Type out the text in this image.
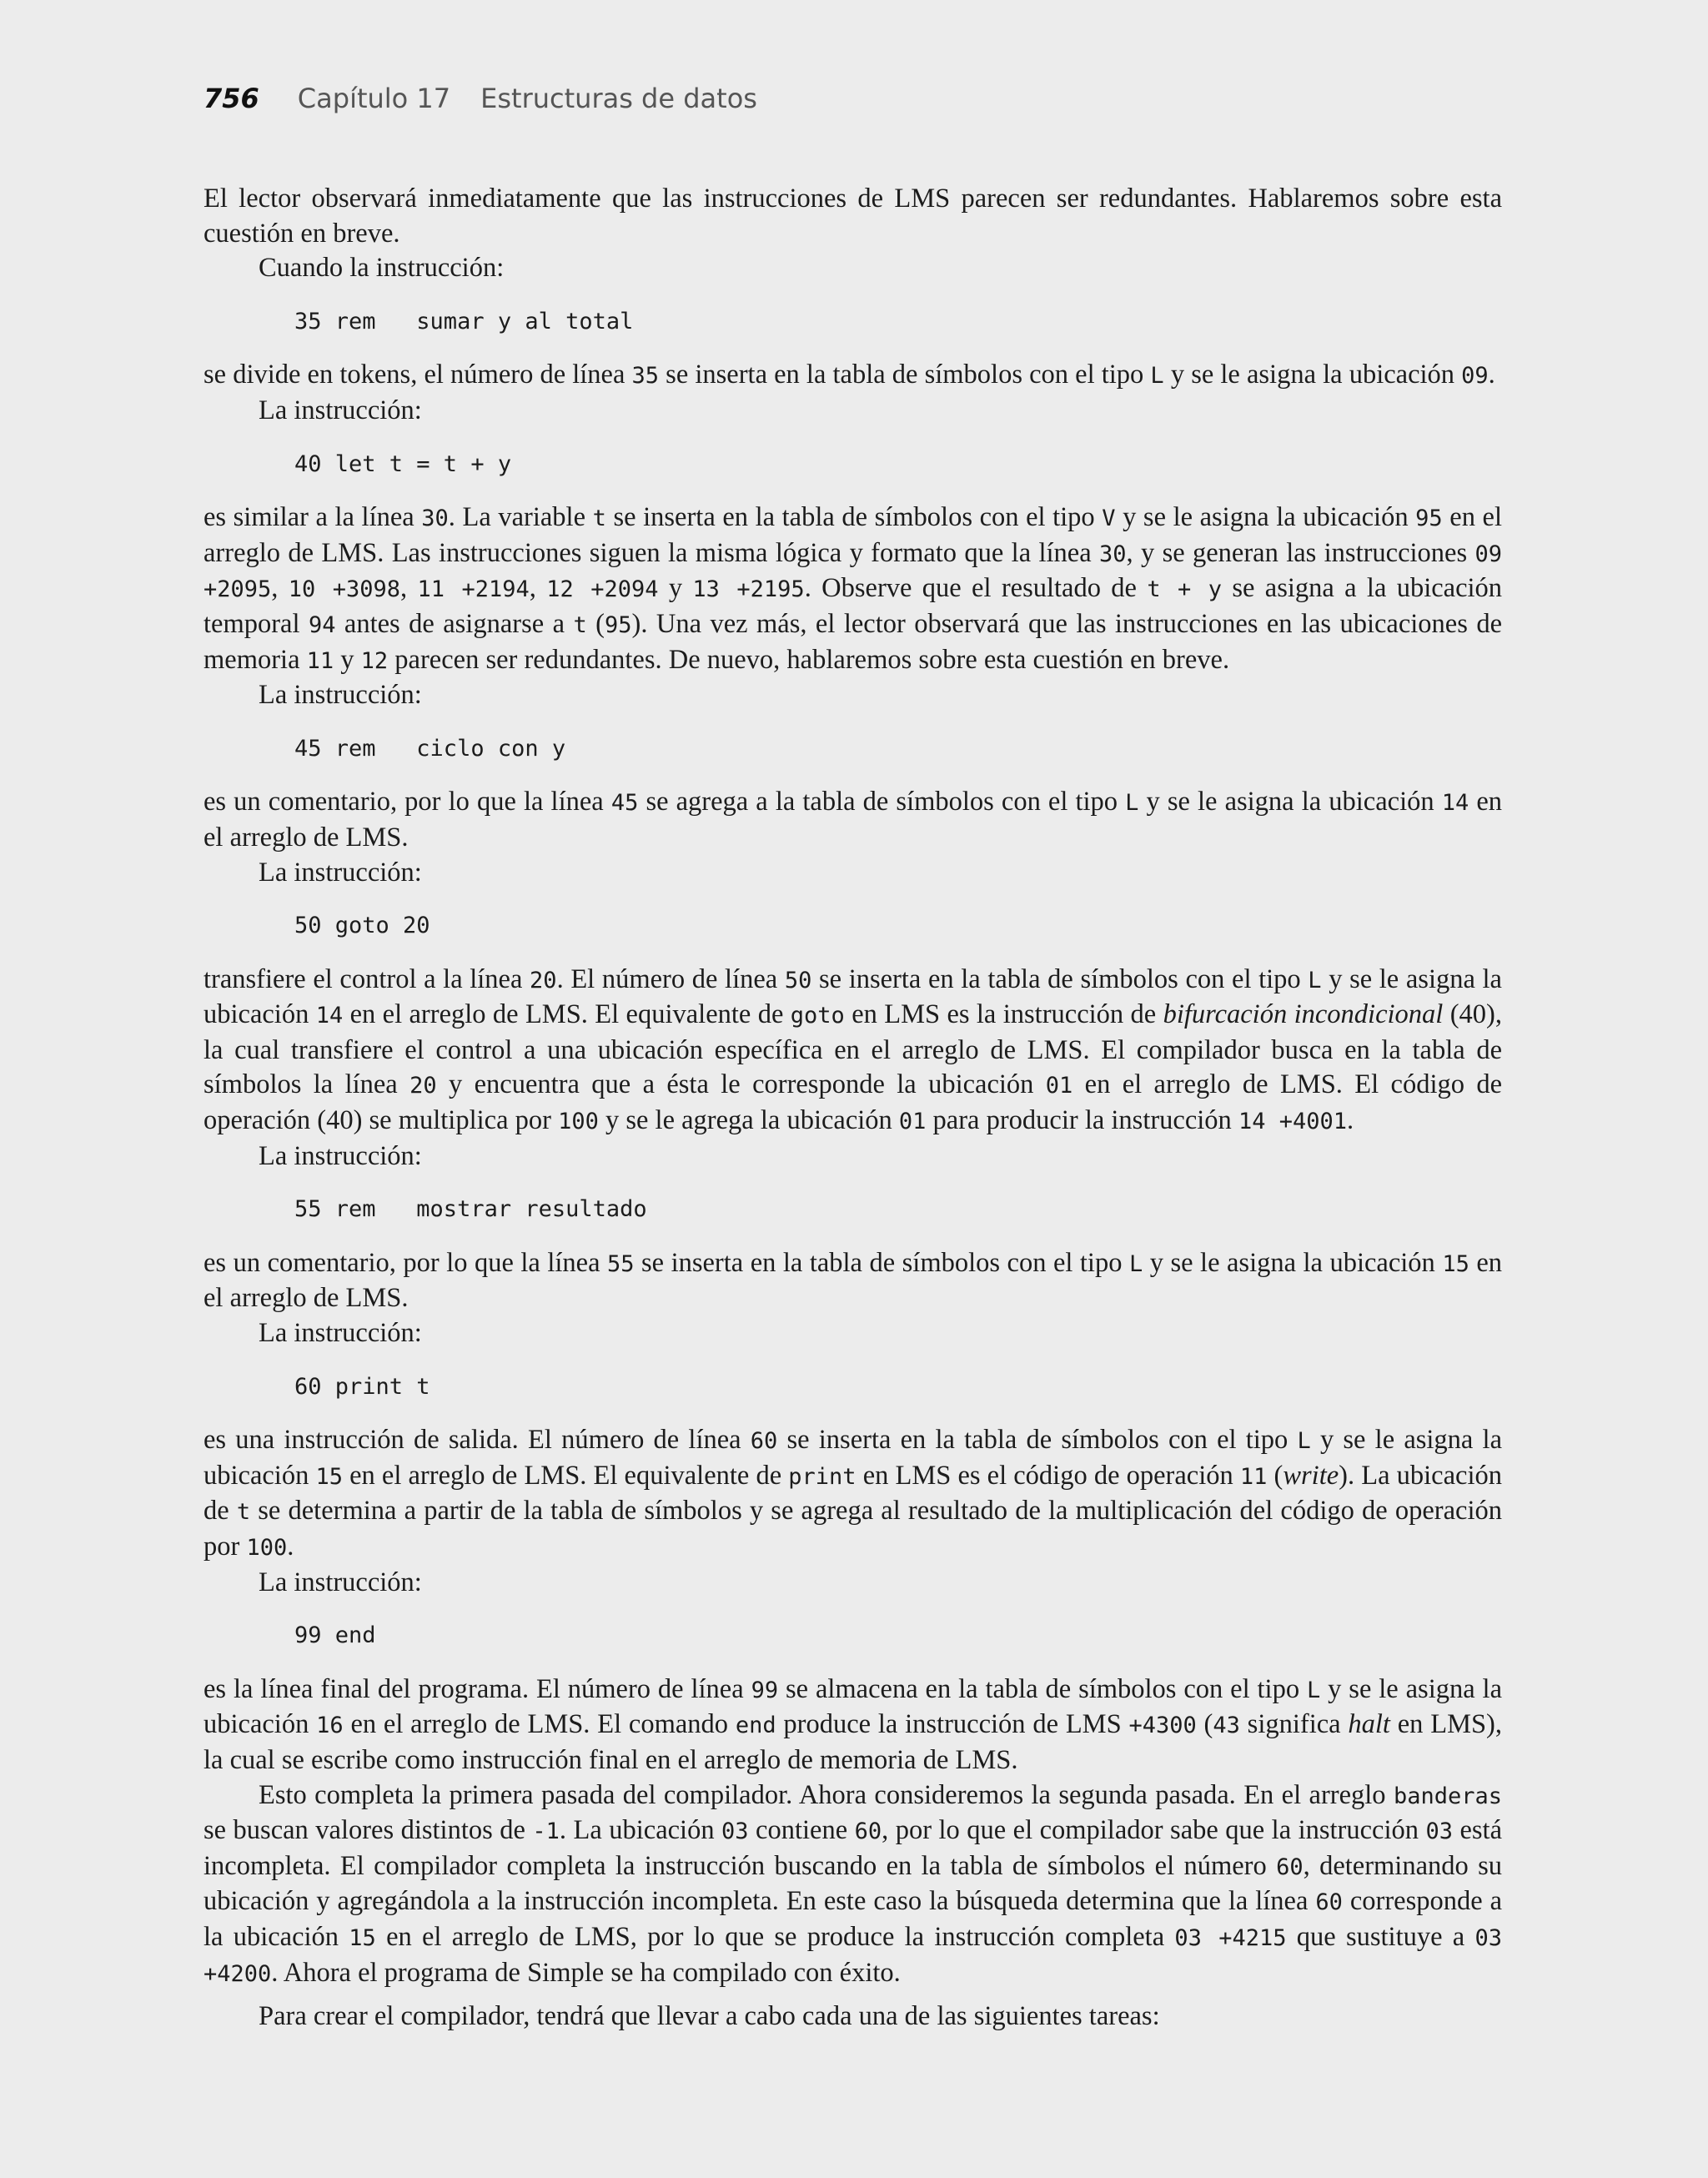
756 Capítulo 17 Estructuras de datos

El lector observará inmediatamente que las instrucciones de LMS parecen ser redundantes. Hablaremos sobre esta cuestión en breve.

Cuando la instrucción:

35 rem   sumar y al total

se divide en tokens, el número de línea 35 se inserta en la tabla de símbolos con el tipo L y se le asigna la ubicación 09.

La instrucción:

40 let t = t + y

es similar a la línea 30. La variable t se inserta en la tabla de símbolos con el tipo V y se le asigna la ubicación 95 en el arreglo de LMS. Las instrucciones siguen la misma lógica y formato que la línea 30, y se generan las instrucciones 09 +2095, 10 +3098, 11 +2194, 12 +2094 y 13 +2195. Observe que el resultado de t + y se asigna a la ubicación temporal 94 antes de asignarse a t (95). Una vez más, el lector observará que las instrucciones en las ubicaciones de memoria 11 y 12 parecen ser redundantes. De nuevo, hablaremos sobre esta cuestión en breve.

La instrucción:

45 rem   ciclo con y

es un comentario, por lo que la línea 45 se agrega a la tabla de símbolos con el tipo L y se le asigna la ubicación 14 en el arreglo de LMS.

La instrucción:

50 goto 20

transfiere el control a la línea 20. El número de línea 50 se inserta en la tabla de símbolos con el tipo L y se le asigna la ubicación 14 en el arreglo de LMS. El equivalente de goto en LMS es la instrucción de bifurcación incondicional (40), la cual transfiere el control a una ubicación específica en el arreglo de LMS. El compilador busca en la tabla de símbolos la línea 20 y encuentra que a ésta le corresponde la ubicación 01 en el arreglo de LMS. El código de operación (40) se multiplica por 100 y se le agrega la ubicación 01 para producir la instrucción 14 +4001.

La instrucción:

55 rem   mostrar resultado

es un comentario, por lo que la línea 55 se inserta en la tabla de símbolos con el tipo L y se le asigna la ubicación 15 en el arreglo de LMS.

La instrucción:

60 print t

es una instrucción de salida. El número de línea 60 se inserta en la tabla de símbolos con el tipo L y se le asigna la ubicación 15 en el arreglo de LMS. El equivalente de print en LMS es el código de operación 11 (write). La ubicación de t se determina a partir de la tabla de símbolos y se agrega al resultado de la multiplicación del código de operación por 100.

La instrucción:

99 end

es la línea final del programa. El número de línea 99 se almacena en la tabla de símbolos con el tipo L y se le asigna la ubicación 16 en el arreglo de LMS. El comando end produce la instrucción de LMS +4300 (43 significa halt en LMS), la cual se escribe como instrucción final en el arreglo de memoria de LMS.

Esto completa la primera pasada del compilador. Ahora consideremos la segunda pasada. En el arreglo banderas se buscan valores distintos de -1. La ubicación 03 contiene 60, por lo que el compilador sabe que la instrucción 03 está incompleta. El compilador completa la instrucción buscando en la tabla de símbolos el número 60, determinando su ubicación y agregándola a la instrucción incompleta. En este caso la búsqueda determina que la línea 60 corresponde a la ubicación 15 en el arreglo de LMS, por lo que se produce la instrucción completa 03 +4215 que sustituye a 03 +4200. Ahora el programa de Simple se ha compilado con éxito.

Para crear el compilador, tendrá que llevar a cabo cada una de las siguientes tareas:
